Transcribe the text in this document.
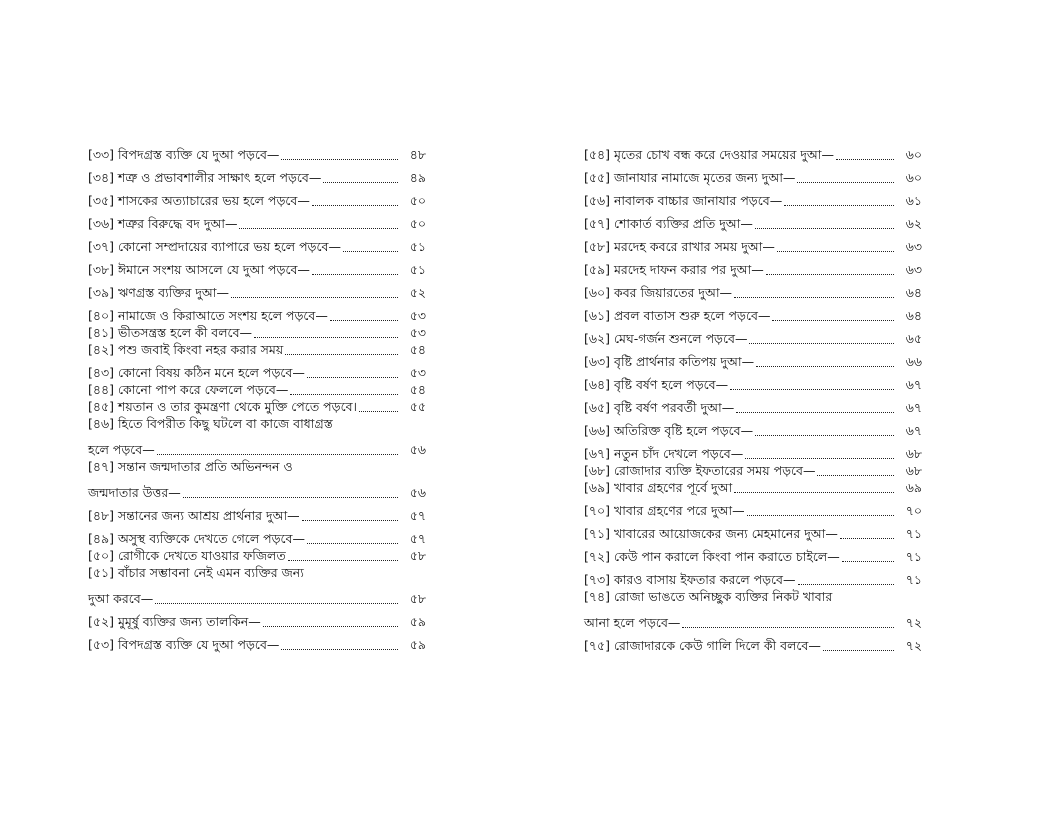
[৩৩] বিপদগ্রস্ত ব্যক্তি যে দুআ পড়বে—	৪৮
[৩৪] শত্রু ও প্রভাবশালীর সাক্ষাৎ হলে পড়বে—	৪৯
[৩৫] শাসকের অত্যাচারের ভয় হলে পড়বে—	৫০
[৩৬] শত্রুর বিরুদ্ধে বদ দুআ—	৫০
[৩৭] কোনো সম্প্রদায়ের ব্যাপারে ভয় হলে পড়বে—	৫১
[৩৮] ঈমানে সংশয় আসলে যে দুআ পড়বে—	৫১
[৩৯] ঋণগ্রস্ত ব্যক্তির দুআ—	৫২
[৪০] নামাজে ও কিরাআতে সংশয় হলে পড়বে—	৫৩
[৪১] ভীতসন্ত্রস্ত হলে কী বলবে—	৫৩
[৪২] পশু জবাই কিংবা নহর করার সময়	৫৪
[৪৩] কোনো বিষয় কঠিন মনে হলে পড়বে—	৫৩
[৪৪] কোনো পাপ করে ফেললে পড়বে—	৫৪
[৪৫] শয়তান ও তার কুমন্ত্রণা থেকে মুক্তি পেতে পড়বে।	৫৫
[৪৬] হিতে বিপরীত কিছু ঘটলে বা কাজে বাধাগ্রস্ত
হলে পড়বে—	৫৬
[৪৭] সন্তান জন্মদাতার প্রতি অভিনন্দন ও
জন্মদাতার উত্তর—	৫৬
[৪৮] সন্তানের জন্য আশ্রয় প্রার্থনার দুআ—	৫৭
[৪৯] অসুস্থ ব্যক্তিকে দেখতে গেলে পড়বে—	৫৭
[৫০] রোগীকে দেখতে যাওয়ার ফজিলত	৫৮
[৫১] বাঁচার সম্ভাবনা নেই এমন ব্যক্তির জন্য
দুআ করবে—	৫৮
[৫২] মুমূর্ষু ব্যক্তির জন্য তালকিন—	৫৯
[৫৩] বিপদগ্রস্ত ব্যক্তি যে দুআ পড়বে—	৫৯
[৫৪] মৃতের চোখ বন্ধ করে দেওয়ার সময়ের দুআ—	৬০
[৫৫] জানাযার নামাজে মৃতের জন্য দুআ—	৬০
[৫৬] নাবালক বাচ্চার জানাযার পড়বে—	৬১
[৫৭] শোকার্ত ব্যক্তির প্রতি দুআ—	৬২
[৫৮] মরদেহ কবরে রাখার সময় দুআ—	৬৩
[৫৯] মরদেহ দাফন করার পর দুআ—	৬৩
[৬০] কবর জিয়ারতের দুআ—	৬৪
[৬১] প্রবল বাতাস শুরু হলে পড়বে—	৬৪
[৬২] মেঘ-গর্জন শুনলে পড়বে—	৬৫
[৬৩] বৃষ্টি প্রার্থনার কতিপয় দুআ—	৬৬
[৬৪] বৃষ্টি বর্ষণ হলে পড়বে—	৬৭
[৬৫] বৃষ্টি বর্ষণ পরবর্তী দুআ—	৬৭
[৬৬] অতিরিক্ত বৃষ্টি হলে পড়বে—	৬৭
[৬৭] নতুন চাঁদ দেখলে পড়বে—	৬৮
[৬৮] রোজাদার ব্যক্তি ইফতারের সময় পড়বে—	৬৮
[৬৯] খাবার গ্রহণের পূর্বে দুআ	৬৯
[৭০] খাবার গ্রহণের পরে দুআ—	৭০
[৭১] খাবারের আয়োজকের জন্য মেহমানের দুআ—	৭১
[৭২] কেউ পান করালে কিংবা পান করাতে চাইলে—	৭১
[৭৩] কারও বাসায় ইফতার করলে পড়বে—	৭১
[৭৪] রোজা ভাঙতে অনিচ্ছুক ব্যক্তির নিকট খাবার
আনা হলে পড়বে—	৭২
[৭৫] রোজাদারকে কেউ গালি দিলে কী বলবে—	৭২
